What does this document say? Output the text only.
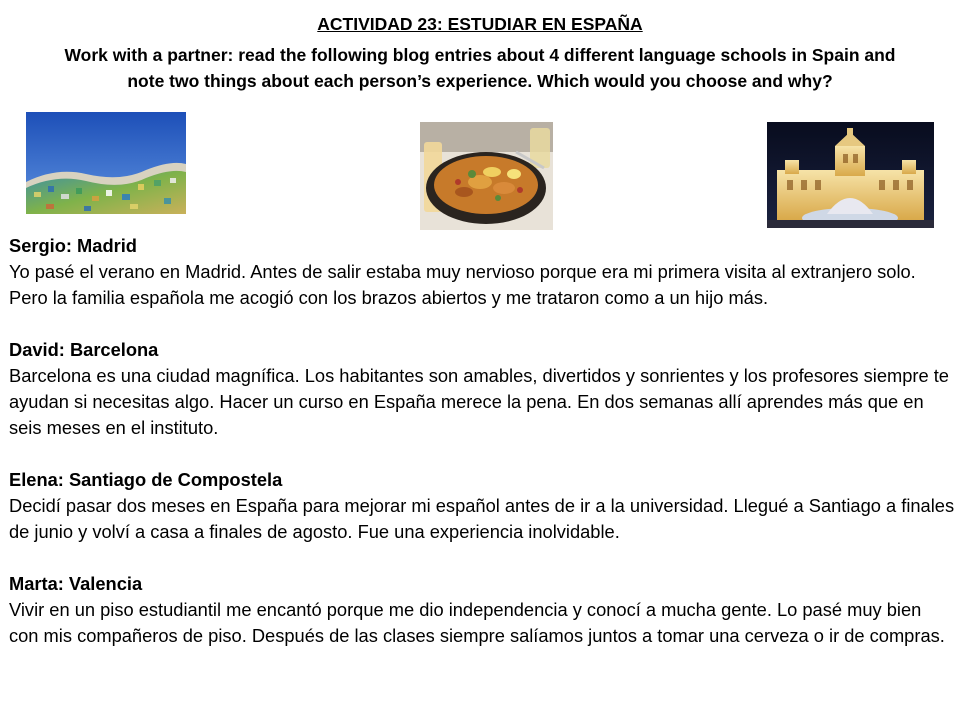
ACTIVIDAD 23: ESTUDIAR EN ESPAÑA
Work with a partner: read the following blog entries about 4 different language schools in Spain and
note two things about each person’s experience. Which would you choose and why?
Sergio: Madrid

Yo pasé el verano en Madrid. Antes de salir estaba muy nervioso porque era mi primera visita al extranjero solo. Pero la familia española me acogió con los brazos abiertos y me trataron como a un hijo más.

David: Barcelona

Barcelona es una ciudad magnífica. Los habitantes son amables, divertidos y sonrientes y los profesores siempre te ayudan si necesitas algo. Hacer un curso en España merece la pena. En dos semanas allí aprendes más que en seis meses en el instituto.

Elena: Santiago de Compostela

Decidí pasar dos meses en España para mejorar mi español antes de ir a la universidad. Llegué a Santiago a finales de junio y volví a casa a finales de agosto. Fue una experiencia inolvidable.

Marta: Valencia

Vivir en un piso estudiantil me encantó porque me dio independencia y conocí a mucha gente. Lo pasé muy bien con mis compañeros de piso. Después de las clases siempre salíamos juntos a tomar una cerveza o ir de compras.
